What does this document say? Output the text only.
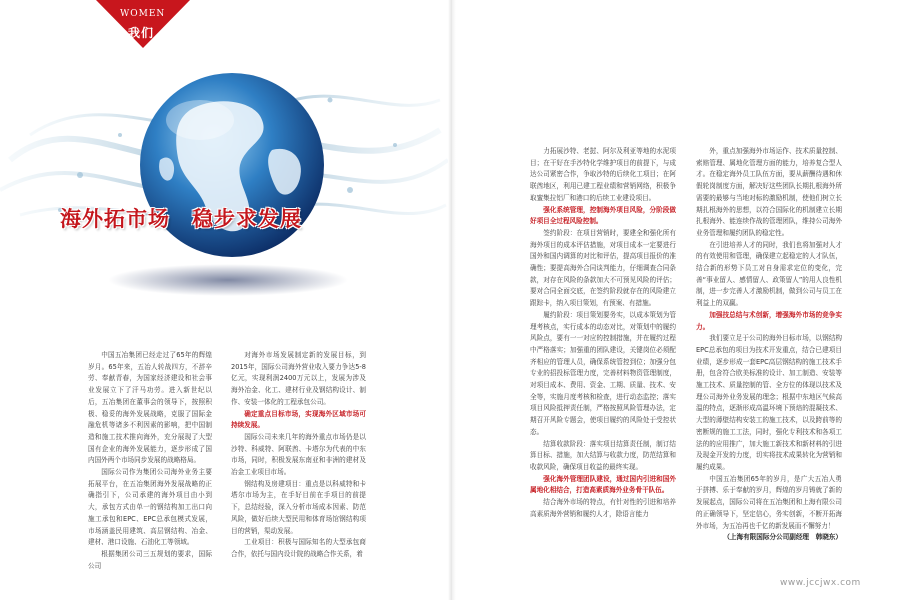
WOMEN
我们
海外拓市场　稳步求发展

中国五冶集团已经走过了65年的辉煌岁月。65年来，五冶人转战四方，不辞辛劳、奉献青春，为国家经济建设和社会事业发展立下了汗马功劳。进入新世纪以后，五冶集团在董事会的领导下，按照积极、稳妥的海外发展战略，克服了国际金融危机等诸多不利因素的影响，把中国制造和施工技术推向海外，充分展现了大型国有企业的海外发展能力，逐步形成了国内国外两个市场同步发展的战略格局。

国际公司作为集团公司海外业务主要拓展平台，在五冶集团海外发展战略的正确指引下，公司承建的海外项目由小到大，承包方式由单一的钢结构加工出口向施工承包和EPC、EPC总承包模式发展，市场涵盖民用建筑、高层钢结构、冶金、建材、港口设施、石油化工等领域。

根据集团公司三五规划的要求，国际公司

对海外市场发展制定新的发展目标，到2015年，国际公司海外营业收入要力争达5-8亿元，实现利润2400万元以上，发展为涉及海外冶金、化工、建材行业及钢结构设计、制作、安装一体化的工程承包公司。

确定重点目标市场，实现海外区域市场可持续发展。

国际公司未来几年的海外重点市场仍是以沙特、科威特、阿联酋、卡塔尔为代表的中东市场，同时，积极发展东南亚和非洲的建材及冶金工业项目市场。

钢结构及房建项目：重点是以科威特和卡塔尔市场为主，在手好目前在手项目的前提下，总结经验，深入分析市场成本因素、防范风险，做好后续大型民用和体育场馆钢结构项目的营销，渠动发展。

工业项目：积极与国际知名的大型承包商合作，依托与国内设计院的战略合作关系，着

力拓展沙特、老挝、阿尔及利亚等地的水泥项目；在干好在手沙特化学维护项目的前提下，与成达公司紧密合作，争取沙特的后续化工项目；在阿联酋地区，利用已建工程业绩和营销网络，积极争取蜜集拉铝厂和港口的后续工业建设项目。

强化系统管理，控制海外项目风险，分阶段做好项目全过程风险控制。

签约阶段：在项目营销时，要建全和强化所有海外项目的成本评估措施，对项目成本一定要进行国外和国内调算的对比和评估，提高项目报价的准确性；要提高海外合同谈判能力，仔细调查合同条款，对存在风险的条款加大不可预见风险的评估；要对合同全面交底，在签约阶段就存在的风险建立跟踪卡，纳入项目策划，有预案、有措施。

履约阶段：项目策划要务实，以成本策划为管理考核点，实行成本的动态对比，对策划中的履约风险点，要有一一对应的控制措施，并在履约过程中严格落实；加强重的团队建设，关键岗位必须配齐相应的管理人员，确保系统管控到位；加强分包专业的招投标管理力度，完善材料物资管理制度，对项目成本、费用、资金、工期、质量、技术、安全等，实施月度考核和检查，进行动态监控；落实项目风险抵押责任制，严格按照风险管理办法，定期召开风险专题会，使项目履约的风险处于受控状态。

结算收款阶段：落实项目结算责任制，制订结算目标、措施，加大结算与收款力度，防范结算和收款风险，确保项目收益的最终实现。

强化海外管理团队建设，通过国内引进和国外属地化相结合，打造高素质海外业务骨干队伍。

结合海外市场的特点，有针对性的引进和培养高素质海外营销和履约人才，除语言能力

外，重点加强海外市场运作、技术质量控制、索赔管理、属地化管理方面的能力，培养复合型人才。在稳定海外员工队伍方面，要从薪酬待遇和休假轮岗制度方面，解决好这些团队长期扎根海外所需要的最够与当地对标的激励机制，使他们树立长期扎根海外的思想，以符合国际化的机制建立长期扎根海外、能连续作战的管理团队，维持公司海外业务管理和履约团队的稳定性。

在引进培养人才的同时，我们也将加强对人才的有效使用和管理，确保建立起稳定的人才队伍，结合新的形势下员工对自身需求定位的变化，完善“事业留人、感情留人、政策留人”的用人良性机制，进一步完善人才激励机制，做到公司与员工在利益上的双赢。

加强技总结与术创新，增强海外市场的竞争实力。

我们要立足于公司的海外目标市场，以钢结构EPC总承包的项目为技术开发重点，结合已建项目业绩，逐步形成一套EPC高层钢结构的施工技术手册，包含符合欧美标准的设计、加工制造、安装等施工技术、质量控制的管、全方位的体现以技术及理公司海外业务发展的理念；根据中东地区气候高温的特点，逐渐形成高温环境下预焙的混凝技术、大型的薄壁结构安装工的施工技术，以及跨前等的密断规的施工工法，同时，强化专利技术和各项工法的的应用推广，加大施工新技术和新材料的引进及现金开发的力度，切实将技术成果转化为营销和履约成果。

中国五冶集团65年的岁月，是广大五冶人勇于拼搏、乐于奉献的岁月，辉煌的岁月铸就了新的发展起点，国际公司将在五冶集团和上海有限公司的正确领导下，坚定信心，务实创新，不断开拓海外市场，为五冶再也千亿的新发展而不懈努力！

（上海有限国际分公司副经理　韩晓东）

www.jccjwx.com
